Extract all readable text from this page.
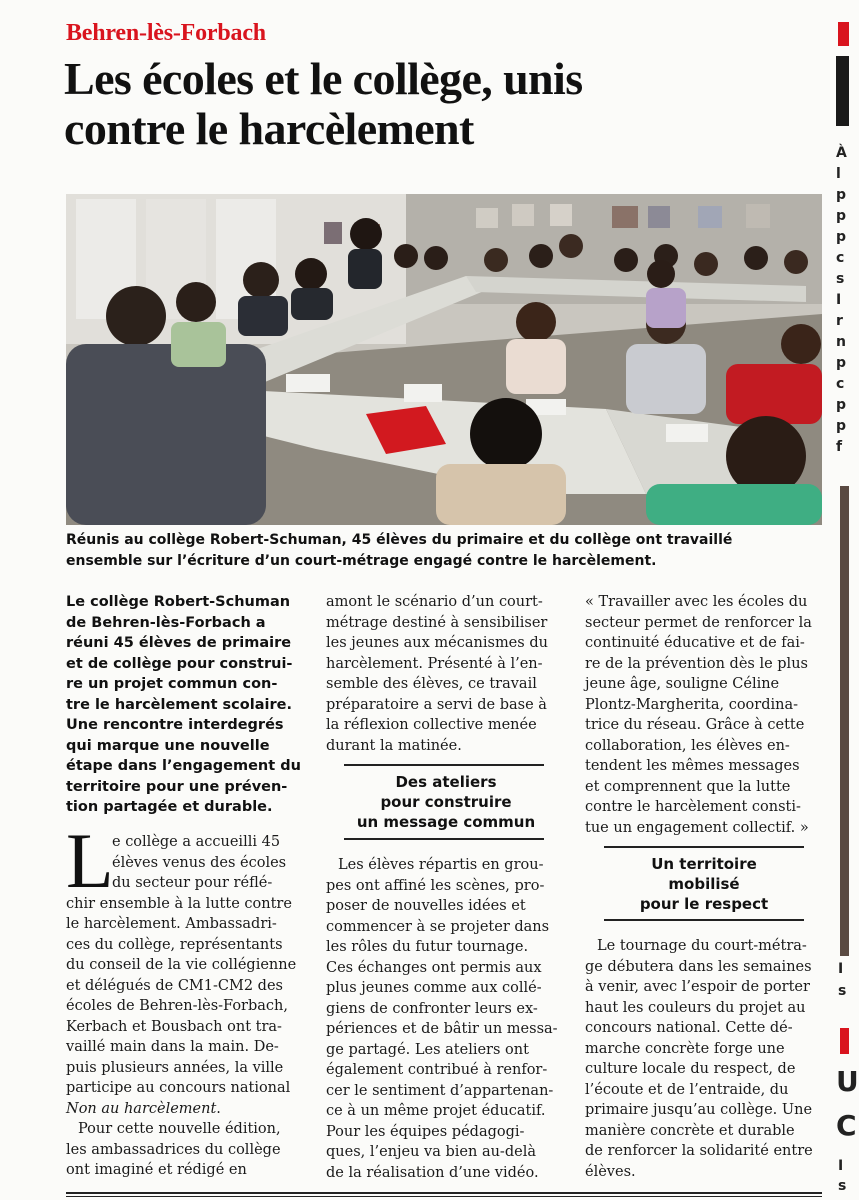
Behren-lès-Forbach
Les écoles et le collège, unis
contre le harcèlement
Réunis au collège Robert-Schuman, 45 élèves du primaire et du collège ont travaillé
ensemble sur l’écriture d’un court-métrage engagé contre le harcèlement.
Le collège Robert-Schuman
de Behren-lès-Forbach a
réuni 45 élèves de primaire
et de collège pour construi-
re un projet commun con-
tre le harcèlement scolaire.
Une rencontre interdegrés
qui marque une nouvelle
étape dans l’engagement du
territoire pour une préven-
tion partagée et durable.
L
e collège a accueilli 45
élèves venus des écoles
du secteur pour réflé-
chir ensemble à la lutte contre
le harcèlement. Ambassadri-
ces du collège, représentants
du conseil de la vie collégienne
et délégués de CM1-CM2 des
écoles de Behren-lès-Forbach,
Kerbach et Bousbach ont tra-
vaillé main dans la main. De-
puis plusieurs années, la ville
participe au concours national
Non au harcèlement.
Pour cette nouvelle édition,
les ambassadrices du collège
ont imaginé et rédigé en
amont le scénario d’un court-
métrage destiné à sensibiliser
les jeunes aux mécanismes du
harcèlement. Présenté à l’en-
semble des élèves, ce travail
préparatoire a servi de base à
la réflexion collective menée
durant la matinée.
Des ateliers
pour construire
un message commun
Les élèves répartis en grou-
pes ont affiné les scènes, pro-
poser de nouvelles idées et
commencer à se projeter dans
les rôles du futur tournage.
Ces échanges ont permis aux
plus jeunes comme aux collé-
giens de confronter leurs ex-
périences et de bâtir un messa-
ge partagé. Les ateliers ont
également contribué à renfor-
cer le sentiment d’appartenan-
ce à un même projet éducatif.
Pour les équipes pédagogi-
ques, l’enjeu va bien au-delà
de la réalisation d’une vidéo.
« Travailler avec les écoles du
secteur permet de renforcer la
continuité éducative et de fai-
re de la prévention dès le plus
jeune âge, souligne Céline
Plontz-Margherita, coordina-
trice du réseau. Grâce à cette
collaboration, les élèves en-
tendent les mêmes messages
et comprennent que la lutte
contre le harcèlement consti-
tue un engagement collectif. »
Un territoire
mobilisé
pour le respect
Le tournage du court-métra-
ge débutera dans les semaines
à venir, avec l’espoir de porter
haut les couleurs du projet au
concours national. Cette dé-
marche concrète forge une
culture locale du respect, de
l’écoute et de l’entraide, du
primaire jusqu’au collège. Une
manière concrète et durable
de renforcer la solidarité entre
élèves.
À
l
p
p
p
c
s
I
r
n
p
c
p
p
f
I
s
U
C
I
s
